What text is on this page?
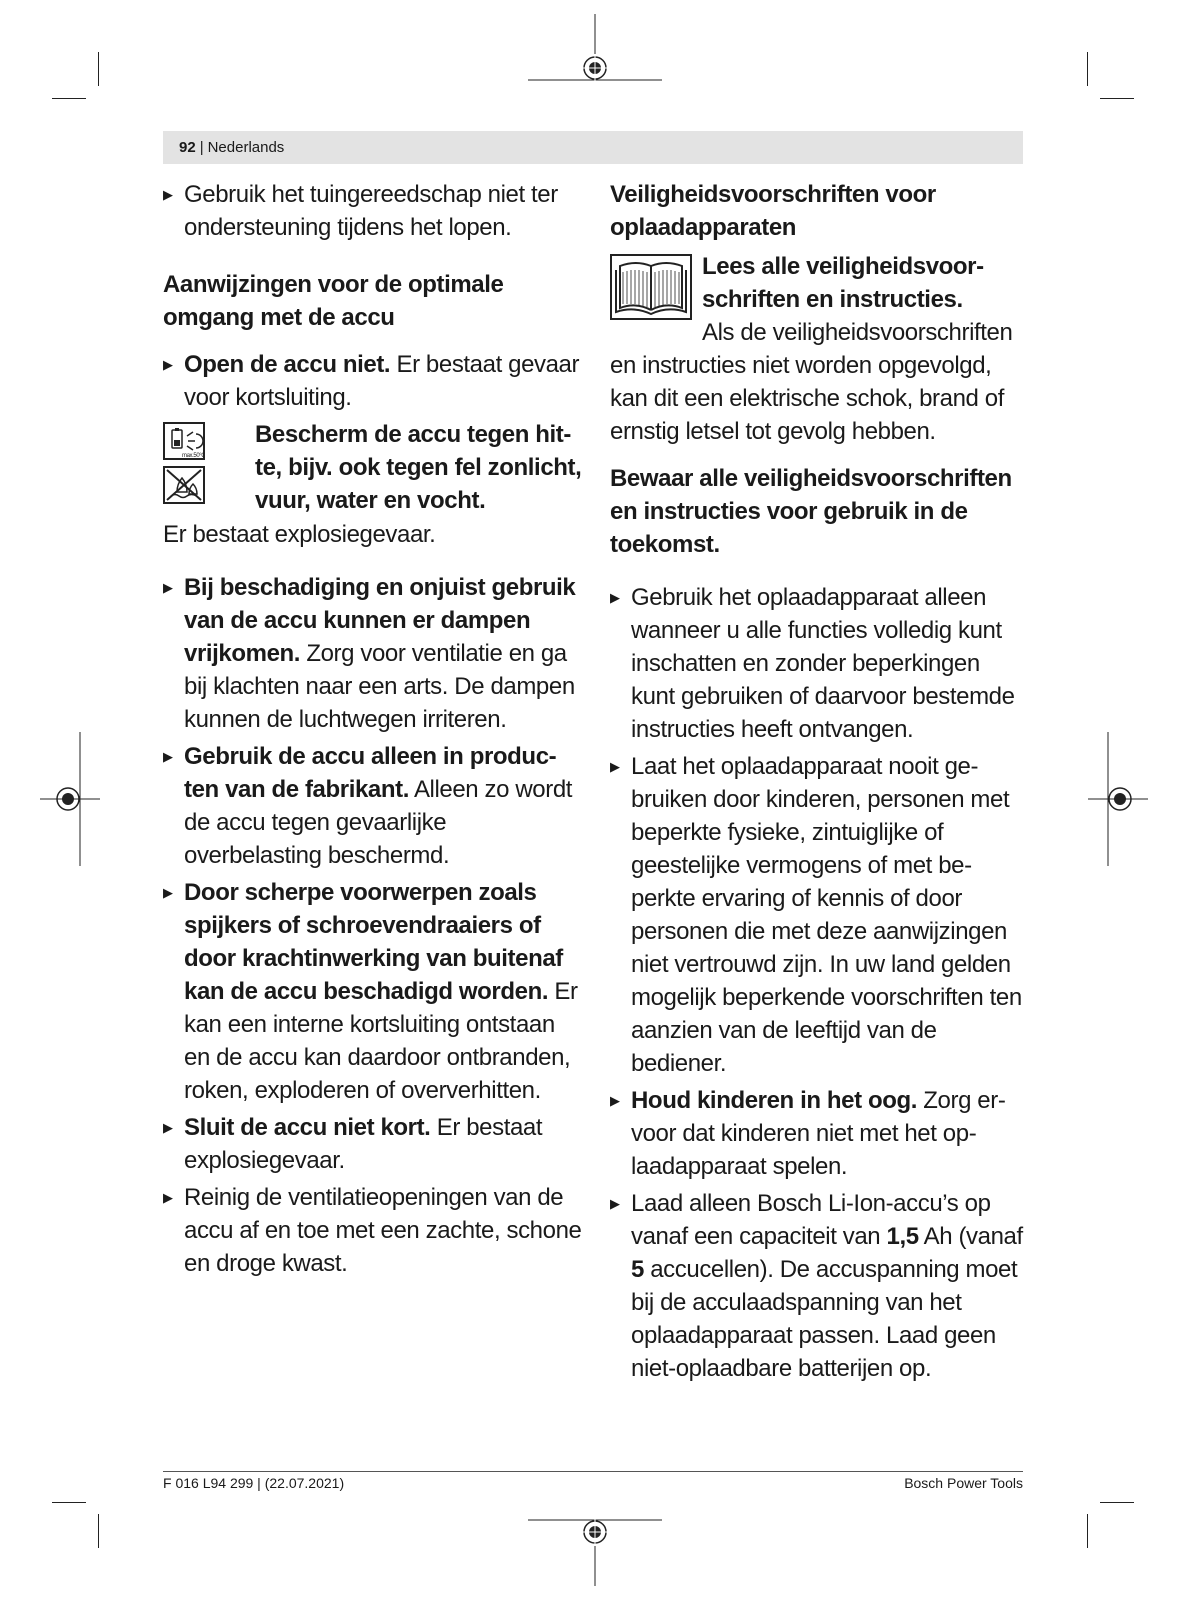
92 | Nederlands
▶ Gebruik het tuingereedschap niet ter ondersteuning tijdens het lopen.
Aanwijzingen voor de optimale omgang met de accu
▶ Open de accu niet. Er bestaat gevaar voor kortsluiting.
max.50°C
Bescherm de accu tegen hitte, bijv. ook tegen fel zonlicht, vuur, water en vocht.

Er bestaat explosiegevaar.

▶ Bij beschadiging en onjuist gebruik van de accu kunnen er dampen vrijkomen. Zorg voor ventilatie en ga bij klachten naar een arts. De dampen kunnen de luchtwegen irriteren.
▶ Gebruik de accu alleen in producten van de fabrikant. Alleen zo wordt de accu tegen gevaarlijke overbelasting beschermd.
▶ Door scherpe voorwerpen zoals spijkers of schroevendraaiers of door krachtinwerking van buitenaf kan de accu beschadigd worden. Er kan een interne kortsluiting ontstaan en de accu kan daardoor ontbranden, roken, exploderen of oververhitten.
▶ Sluit de accu niet kort. Er bestaat explosiegevaar.
▶ Reinig de ventilatieopeningen van de accu af en toe met een zachte, schone en droge kwast.
Veiligheidsvoorschriften voor oplaadapparaten
Lees alle veiligheidsvoorschriften en instructies.
Als de veiligheidsvoorschriften en instructies niet worden opgevolgd, kan dit een elektrische schok, brand of ernstig letsel tot gevolg hebben.
Bewaar alle veiligheidsvoorschriften en instructies voor gebruik in de toekomst.
▶ Gebruik het oplaadapparaat alleen wanneer u alle functies volledig kunt inschatten en zonder beperkingen kunt gebruiken of daarvoor bestemde instructies heeft ontvangen.
▶ Laat het oplaadapparaat nooit gebruiken door kinderen, personen met beperkte fysieke, zintuiglijke of geestelijke vermogens of met beperkte ervaring of kennis of door personen die met deze aanwijzingen niet vertrouwd zijn. In uw land gelden mogelijk beperkende voorschriften ten aanzien van de leeftijd van de bediener.
▶ Houd kinderen in het oog. Zorg ervoor dat kinderen niet met het oplaadapparaat spelen.
▶ Laad alleen Bosch Li-Ion-accu’s op vanaf een capaciteit van 1,5 Ah (vanaf 5 accucellen). De accuspanning moet bij de acculaadspanning van het oplaadapparaat passen. Laad geen niet-oplaadbare batterijen op.
F 016 L94 299 | (22.07.2021)	Bosch Power Tools
